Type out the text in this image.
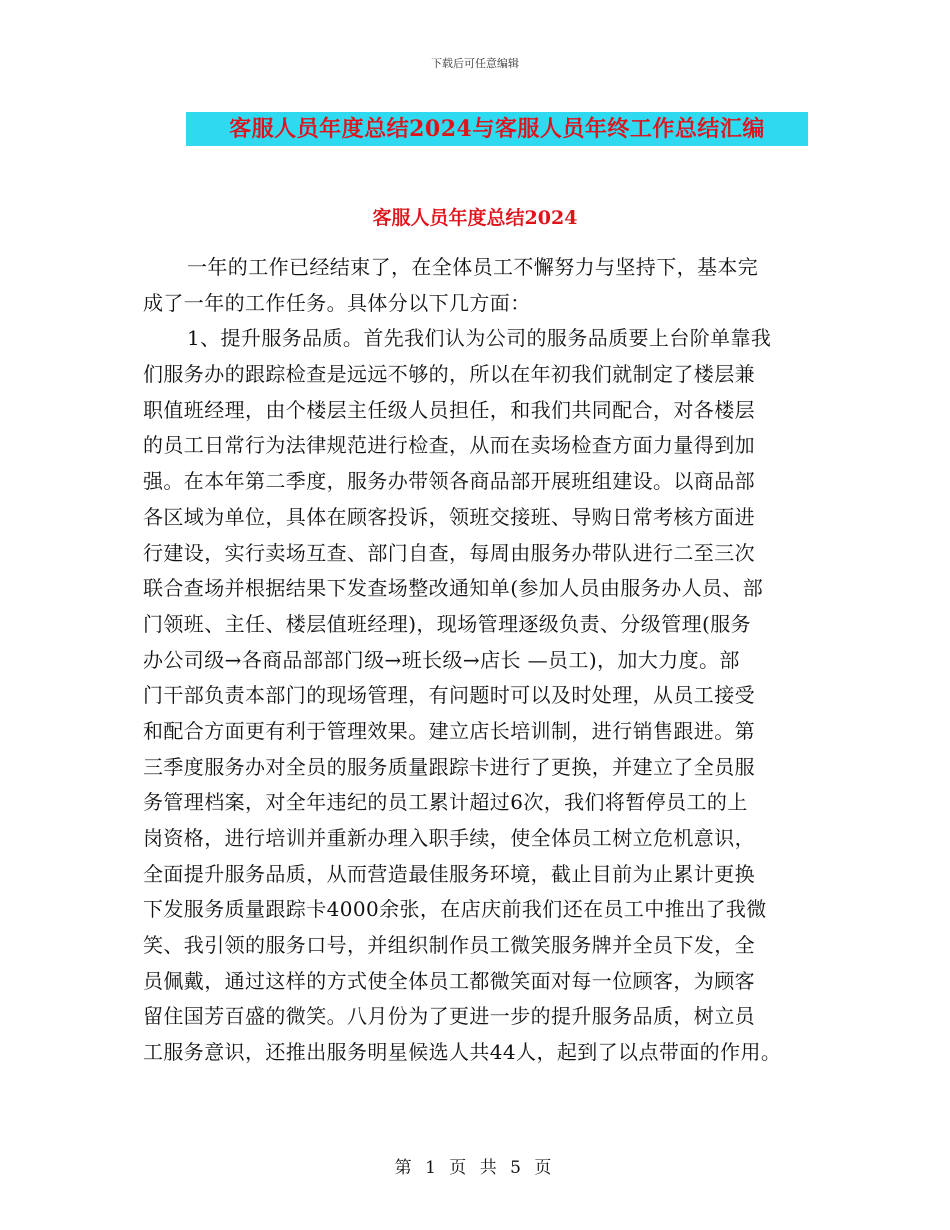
下载后可任意编辑
客服人员年度总结2024与客服人员年终工作总结汇编
客服人员年度总结2024
一年的工作已经结束了，在全体员工不懈努力与坚持下，基本完
成了一年的工作任务。具体分以下几方面：
1、提升服务品质。首先我们认为公司的服务品质要上台阶单靠我
们服务办的跟踪检查是远远不够的，所以在年初我们就制定了楼层兼
职值班经理，由个楼层主任级人员担任，和我们共同配合，对各楼层
的员工日常行为法律规范进行检查，从而在卖场检查方面力量得到加
强。在本年第二季度，服务办带领各商品部开展班组建设。以商品部
各区域为单位，具体在顾客投诉，领班交接班、导购日常考核方面进
行建设，实行卖场互查、部门自查，每周由服务办带队进行二至三次
联合查场并根据结果下发查场整改通知单(参加人员由服务办人员、部
门领班、主任、楼层值班经理)，现场管理逐级负责、分级管理(服务
办公司级→各商品部部门级→班长级→店长 —员工)，加大力度。部
门干部负责本部门的现场管理，有问题时可以及时处理，从员工接受
和配合方面更有利于管理效果。建立店长培训制，进行销售跟进。第
三季度服务办对全员的服务质量跟踪卡进行了更换，并建立了全员服
务管理档案，对全年违纪的员工累计超过6次，我们将暂停员工的上
岗资格，进行培训并重新办理入职手续，使全体员工树立危机意识，
全面提升服务品质，从而营造最佳服务环境，截止目前为止累计更换
下发服务质量跟踪卡4000余张，在店庆前我们还在员工中推出了我微
笑、我引领的服务口号，并组织制作员工微笑服务牌并全员下发，全
员佩戴，通过这样的方式使全体员工都微笑面对每一位顾客，为顾客
留住国芳百盛的微笑。八月份为了更进一步的提升服务品质，树立员
工服务意识，还推出服务明星候选人共44人，起到了以点带面的作用。
第 1 页 共 5 页
